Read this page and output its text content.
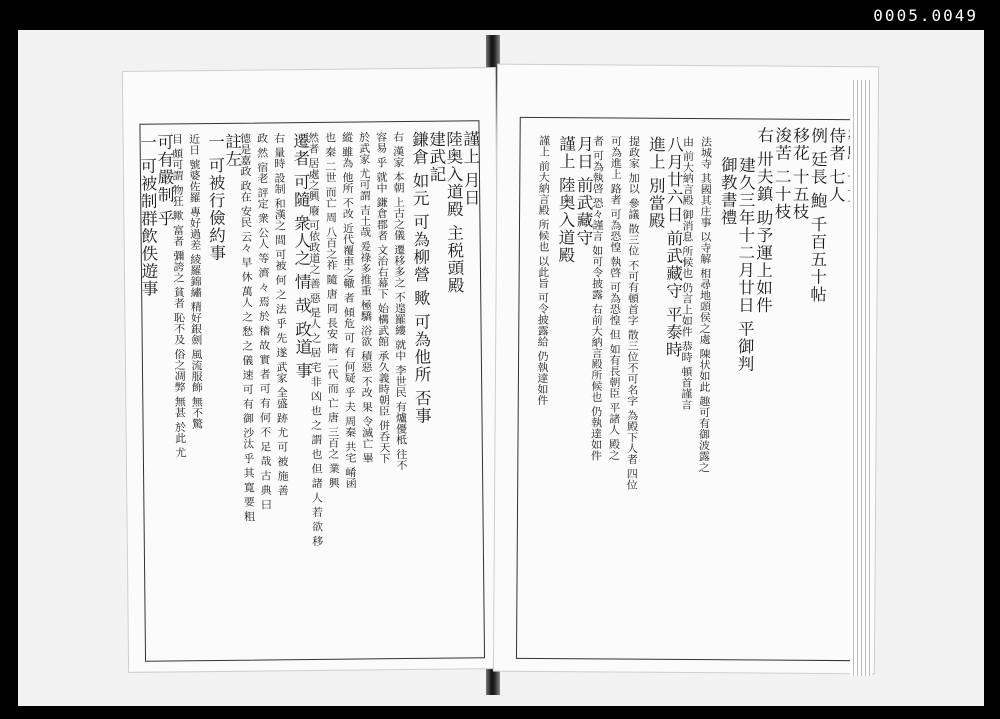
0005.0049
謹上 月日
陸奥入道殿 主税頭殿
建武記
鎌倉 如元 可為柳營 歟 可為他所 否事
右 漢家 本朝 上古之儀 遷移多之 不遑羅縷 就中 李世民 有爐優柢 往不
容易 乎 就中 鎌倉郡者 文治右幕下 始構武館 承久義時朝臣 併呑天下
於武家 尤可謂 吉土哉 爰祿多推重 極驕 浴欲 積惡 不改 果 令滅亡 畢
縱 雖為 他所 不改 近代覆車之轍 者 傾危 可 有 何疑 乎 夫 周秦 共宅 崤函
也 秦 二世 而亡 周 八百之祚 隨 唐 同 長安 隋 二代 而 亡 唐 三百之 業 興
然者 居處之興 廢 可依政道之 善 惡 是人 之 居 宅 非 凶 也 之 謂 也 但 諸 人 若 欲 移
遷者 可隨 衆人之 情 哉 政道 事
右 量時 設制 和漢之 間 可被 何 之 法 乎 先 遂 武家 全盛 跡 尤 可 被 施 善
政 然 宿老 評定 衆 公人 等 濟 々 焉 於 稽 故 實 者 可 有 何 不 足 哉 古 典 曰
德是嘉政 政在 安民 云々 早 休 萬人 之 愁 之 儀 速 可 有 御 沙汰 乎 其 寛 要 粗
註左
一 可被行儉約事
近日 號婆佐羅 專好過差 綾羅錦繡 精好銀劍 風流服飾 無不驚
目 頗可謂 物狂 歟 富者 彌誇之 貧者 恥不及 俗之凋弊 無甚 於此 尤
可有嚴制 乎
一 可被制群飲佚遊事	侍者 七人
例 廷長 鮑 千百五十帖
移花 十五枝
浚苦 二十枝
右 卅夫鎮 助予運上如件
建久三年十二月廿日 平御判
御教書禮
法城寺 其國其庄事 以寺解 相尋地頭侯之處 陳状如此 趣可有御波露之
由 前大納言殿 御消息 所候也 仍言上如件 恭時 頓首謹言
八月廿六日 前武藏守 平泰時
進上 別當殿
提政家 加以 參議 散三位 不可有頓首字 散三位不可名字 為殿下人者 四位
可為進上 路者 可為恐惶 執啓 可為恐惶 但 如有長朝臣 平諸人 殿之
者 可為執啓 恐々謹言 如可令披露 右前大納言殿所候也 仍執達如件
月日 前武藏守
謹上 陸奥入道殿
謹上 前大納言殿 所候也 以此旨 可令披露給 仍執達如件
